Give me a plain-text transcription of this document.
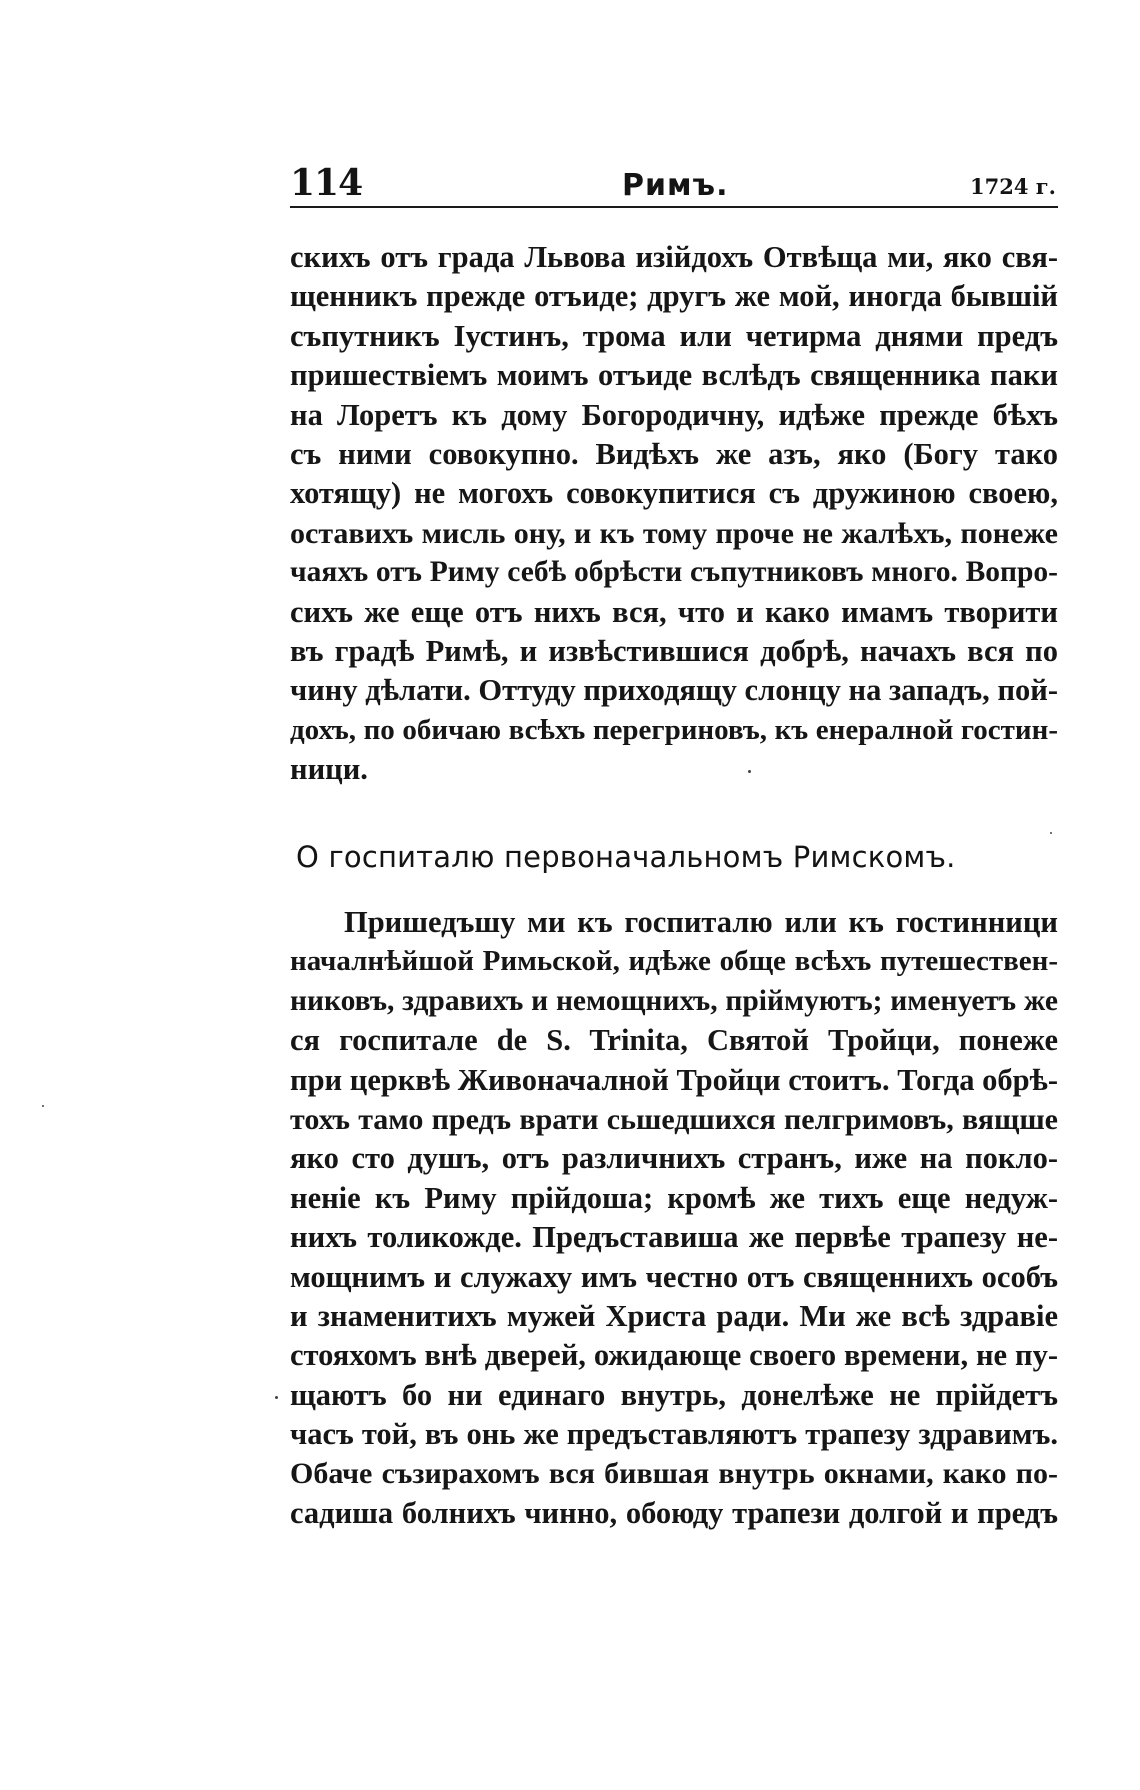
114	Римъ.	1724 г.
скихъ отъ града Львова изійдохъ Отвѣща ми, яко свя-
щенникъ прежде отъиде; другъ же мой, иногда бывшій
съпутникъ Іустинъ, трома или четирма днями предъ
пришествіемъ моимъ отъиде вслѣдъ священника паки
на Лоретъ къ дому Богородичну, идѣже прежде бѣхъ
съ ними совокупно. Видѣхъ же азъ, яко (Богу тако
хотящу) не могохъ совокупитися съ дружиною своею,
оставихъ мисль ону, и къ тому проче не жалѣхъ, понеже
чаяхъ отъ Риму себѣ обрѣсти съпутниковъ много. Вопро-
сихъ же еще отъ нихъ вся, что и како имамъ творити
въ градѣ Римѣ, и извѣстившися добрѣ, начахъ вся по
чину дѣлати. Оттуду приходящу слонцу на западъ, пой-
дохъ, по обичаю всѣхъ перегриновъ, къ енералной гостин-
ници.
О госпиталю первоначальномъ Римскомъ.
Пришедъшу ми къ госпиталю или къ гостинници
началнѣйшой Римьской, идѣже обще всѣхъ путешествен-
никовъ, здравихъ и немощнихъ, пріймуютъ; именуетъ же
ся госпитале de S. Trinita, Святой Тройци, понеже
при церквѣ Живоначалной Тройци стоитъ. Тогда обрѣ-
тохъ тамо предъ врати сьшедшихся пелгримовъ, вящше
яко сто душъ, отъ различнихъ странъ, иже на покло-
неніе къ Риму прійдоша; кромѣ же тихъ еще недуж-
нихъ толикожде. Предъставиша же первѣе трапезу не-
мощнимъ и служаху имъ честно отъ священнихъ особъ
и знаменитихъ мужей Христа ради. Ми же всѣ здравіе
стояхомъ внѣ дверей, ожидающе своего времени, не пу-
щаютъ бо ни единаго внутрь, донелѣже не прійдетъ
часъ той, въ онь же предъставляютъ трапезу здравимъ.
Обаче съзирахомъ вся бившая внутрь окнами, како по-
садиша болнихъ чинно, обоюду трапези долгой и предъ
